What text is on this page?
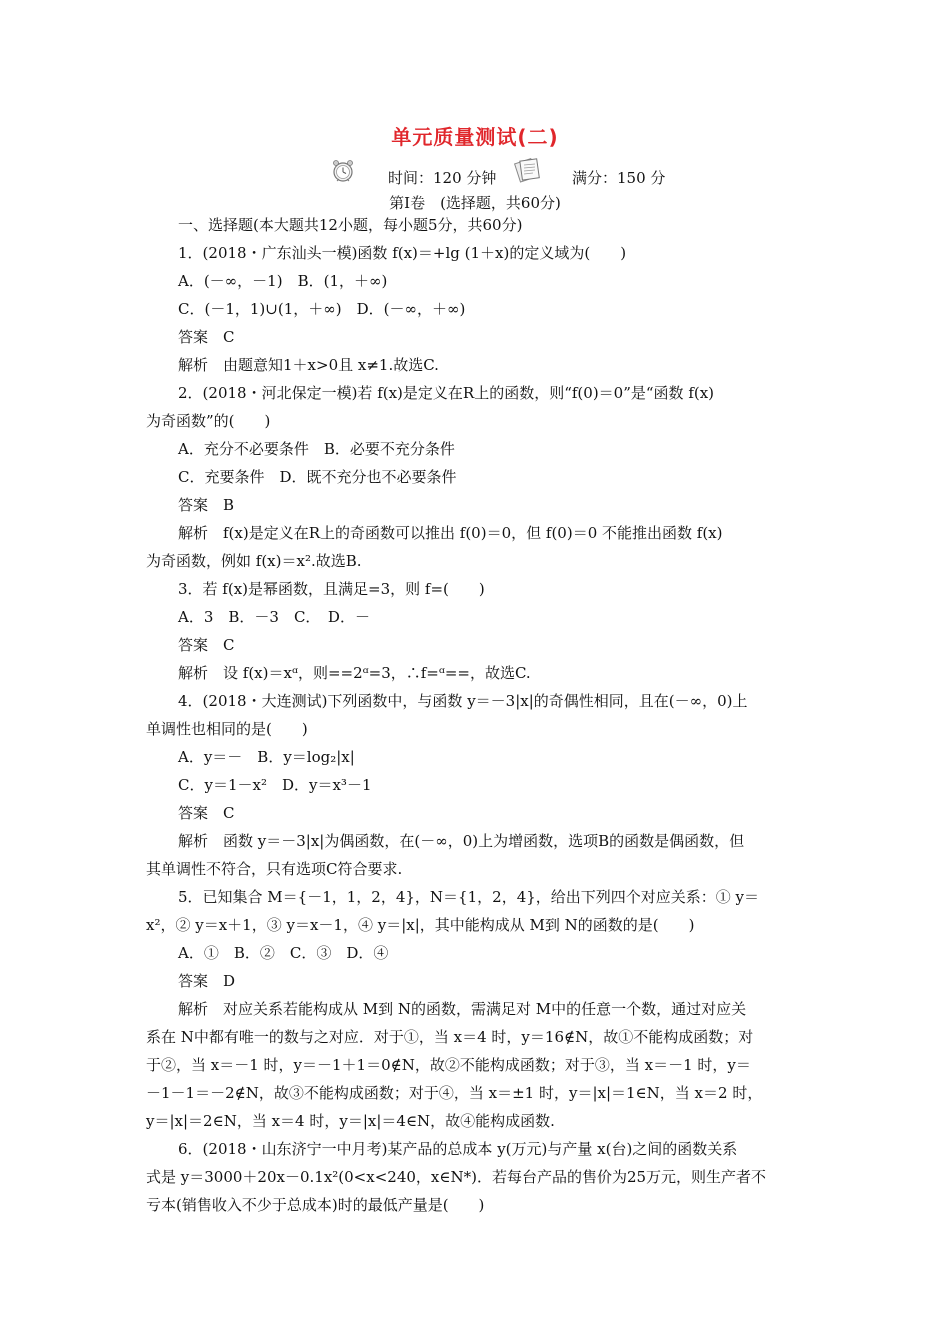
单元质量测试(二)
时间：120 分钟	满分：150 分
第Ⅰ卷　(选择题，共60分)
一、选择题(本大题共12小题，每小题5分，共60分)
1．(2018・广东汕头一模)函数 f(x)＝+lg (1＋x)的定义域为(　　)
A．(－∞，－1)　B．(1，＋∞)
C．(－1，1)∪(1，＋∞)　D．(－∞，＋∞)
答案　C
解析　由题意知1＋x>0且 x≠1.故选C.
2．(2018・河北保定一模)若 f(x)是定义在R上的函数，则“f(0)＝0”是“函数 f(x)
为奇函数”的(　　)
A．充分不必要条件　B．必要不充分条件
C．充要条件　D．既不充分也不必要条件
答案　B
解析　f(x)是定义在R上的奇函数可以推出 f(0)＝0，但 f(0)＝0 不能推出函数 f(x)
为奇函数，例如 f(x)＝x².故选B.
3．若 f(x)是幂函数，且满足=3，则 f=(　　)
A．3　B．－3　C．　D．－
答案　C
解析　设 f(x)＝xᵅ，则==2ᵅ=3，∴f=ᵅ==，故选C.
4．(2018・大连测试)下列函数中，与函数 y＝－3|x|的奇偶性相同，且在(－∞，0)上
单调性也相同的是(　　)
A．y＝－　B．y＝log₂|x|
C．y＝1－x²　D．y＝x³－1
答案　C
解析　函数 y＝－3|x|为偶函数，在(－∞，0)上为增函数，选项B的函数是偶函数，但
其单调性不符合，只有选项C符合要求.
5．已知集合 M＝{－1，1，2，4}，N＝{1，2，4}，给出下列四个对应关系：① y＝
x²，② y＝x＋1，③ y＝x－1，④ y＝|x|，其中能构成从 M到 N的函数的是(　　)
A．①　B．②　C．③　D．④
答案　D
解析　对应关系若能构成从 M到 N的函数，需满足对 M中的任意一个数，通过对应关
系在 N中都有唯一的数与之对应．对于①，当 x＝4 时，y＝16∉N，故①不能构成函数；对
于②，当 x＝－1 时，y＝－1＋1＝0∉N，故②不能构成函数；对于③，当 x＝－1 时，y＝
－1－1＝－2∉N，故③不能构成函数；对于④，当 x＝±1 时，y＝|x|＝1∈N，当 x＝2 时，
y＝|x|＝2∈N，当 x＝4 时，y＝|x|＝4∈N，故④能构成函数.
6．(2018・山东济宁一中月考)某产品的总成本 y(万元)与产量 x(台)之间的函数关系
式是 y＝3000＋20x－0.1x²(0<x<240，x∈N*)．若每台产品的售价为25万元，则生产者不
亏本(销售收入不少于总成本)时的最低产量是(　　)
